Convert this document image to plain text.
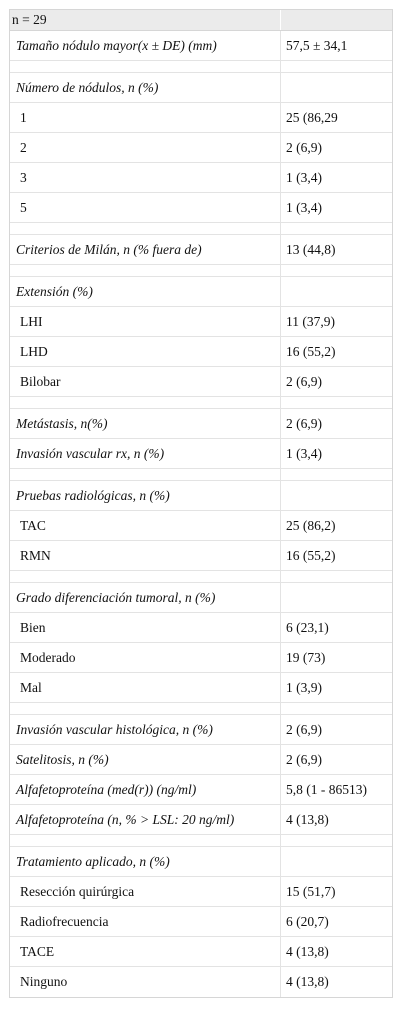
n = 29
Tamaño nódulo mayor(x ± DE) (mm)	57,5 ± 34,1
Número de nódulos, n (%)
1	25 (86,29
2	2 (6,9)
3	1 (3,4)
5	1 (3,4)
Criterios de Milán, n (% fuera de)	13 (44,8)
Extensión (%)
LHI	11 (37,9)
LHD	16 (55,2)
Bilobar	2 (6,9)
Metástasis, n(%)	2 (6,9)
Invasión vascular rx, n (%)	1 (3,4)
Pruebas radiológicas, n (%)
TAC	25 (86,2)
RMN	16 (55,2)
Grado diferenciación tumoral, n (%)
Bien	6 (23,1)
Moderado	19 (73)
Mal	1 (3,9)
Invasión vascular histológica, n (%)	2 (6,9)
Satelitosis, n (%)	2 (6,9)
Alfafetoproteína (med(r)) (ng/ml)	5,8 (1 - 86513)
Alfafetoproteína (n, % > LSL: 20 ng/ml)	4 (13,8)
Tratamiento aplicado, n (%)
Resección quirúrgica	15 (51,7)
Radiofrecuencia	6 (20,7)
TACE	4 (13,8)
Ninguno	4 (13,8)
